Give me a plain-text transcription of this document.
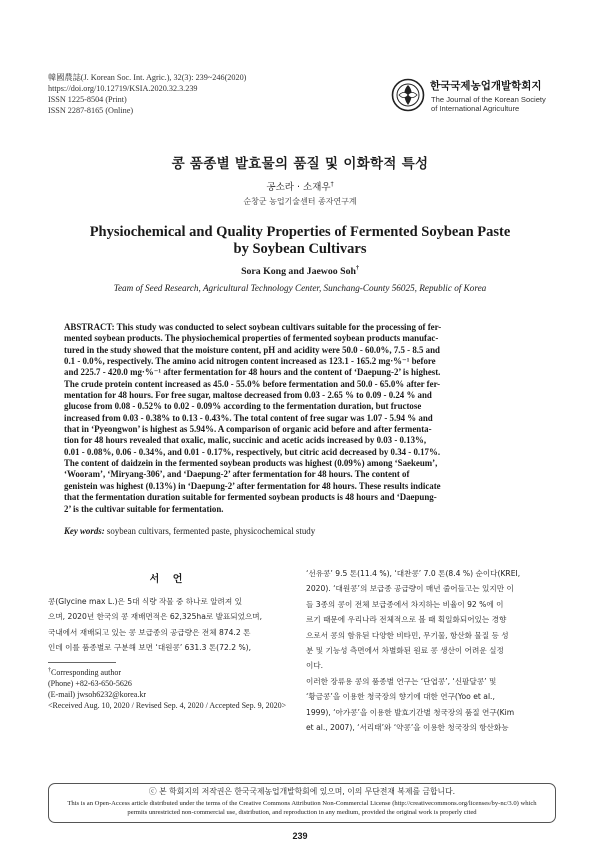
韓國農誌(J. Korean Soc. Int. Agric.), 32(3): 239~246(2020)
https://doi.org/10.12719/KSIA.2020.32.3.239
ISSN 1225-8504 (Print)
ISSN 2287-8165 (Online)
한국국제농업개발학회지
The Journal of the Korean Society
of International Agriculture
콩 품종별 발효물의 품질 및 이화학적 특성
공소라 · 소재우†
순창군 농업기술센터 종자연구계
Physiochemical and Quality Properties of Fermented Soybean Paste
by Soybean Cultivars
Sora Kong and Jaewoo Soh†
Team of Seed Research, Agricultural Technology Center, Sunchang-County 56025, Republic of Korea
ABSTRACT: This study was conducted to select soybean cultivars suitable for the processing of fer-
mented soybean products. The physiochemical properties of fermented soybean products manufac-
tured in the study showed that the moisture content, pH and acidity were 50.0 - 60.0%, 7.5 - 8.5 and
0.1 - 0.0%, respectively. The amino acid nitrogen content increased as 123.1 - 165.2 mg·%⁻¹ before
and 225.7 - 420.0 mg·%⁻¹ after fermentation for 48 hours and the content of ‘Daepung-2’ is highest.
The crude protein content increased as 45.0 - 55.0% before fermentation and 50.0 - 65.0% after fer-
mentation for 48 hours. For free sugar, maltose decreased from 0.03 - 2.65 % to 0.09 - 0.24 % and
glucose from 0.08 - 0.52% to 0.02 - 0.09% according to the fermentation duration, but fructose
increased from 0.03 - 0.38% to 0.13 - 0.43%. The total content of free sugar was 1.07 - 5.94 % and
that in ‘Pyeongwon’ is highest as 5.94%. A comparison of organic acid before and after fermenta-
tion for 48 hours revealed that oxalic, malic, succinic and acetic acids increased by 0.03 - 0.13%,
0.01 - 0.08%, 0.06 - 0.34%, and 0.01 - 0.17%, respectively, but citric acid decreased by 0.34 - 0.17%.
The content of daidzein in the fermented soybean products was highest (0.09%) among ‘Saekeum’,
‘Wooram’, ‘Miryang-306’, and ‘Daepung-2’ after fermentation for 48 hours. The content of
genistein was highest (0.13%) in ‘Daepung-2’ after fermentation for 48 hours. These results indicate
that the fermentation duration suitable for fermented soybean products is 48 hours and ‘Daepung-
2’ is the cultivar suitable for fermentation.
Key words: soybean cultivars, fermented paste, physicochemical study
서 언
콩(Glycine max L.)은 5대 식량 작물 중 하나로 알려져 있
으며, 2020년 한국의 콩 재배면적은 62,325ha로 발표되었으며,
국내에서 재배되고 있는 콩 보급종의 공급량은 전체 874.2 톤
인데 이를 품종별로 구분해 보면 ‘대원콩’ 631.3 톤(72.2 %),
‘선유콩’ 9.5 톤(11.4 %), ‘대찬콩’ 7.0 톤(8.4 %) 순이다(KREI,
2020). ‘대원콩’의 보급종 공급량이 매년 줄어들고는 있지만 이
들 3종의 콩이 전체 보급종에서 차지하는 비율이 92 %에 이
르기 때문에 우리나라 전체적으로 볼 때 획일화되어있는 경향
으로서 콩의 함유된 다양한 비타민, 무기물, 항산화 물질 등 성
분 및 기능성 측면에서 차별화된 원료 콩 생산이 어려운 실정
이다.
이러한 장류용 콩의 품종별 연구는 ‘단엽콩’, ‘신팔달콩’ 및
‘황금콩’을 이용한 청국장의 향기에 대한 연구(Yoo et al.,
1999), ‘아가콩’을 이용한 발효기간별 청국장의 품질 연구(Kim
et al., 2007), ‘서리태’와 ‘약콩’을 이용한 청국장의 항산화능
†Corresponding author
(Phone) +82-63-650-5626
(E-mail) jwsoh6232@korea.kr
<Received Aug. 10, 2020 / Revised Sep. 4, 2020 / Accepted Sep. 9, 2020>
ⓒ 본 학회지의 저작권은 한국국제농업개발학회에 있으며, 이의 무단전재 복제를 금합니다.
This is an Open-Access article distributed under the terms of the Creative Commons Attribution Non-Commercial License (http://creativecommons.org/licenses/by-nc/3.0) which
permits unrestricted non-commercial use, distribution, and reproduction in any medium, provided the original work is properly cited
239
